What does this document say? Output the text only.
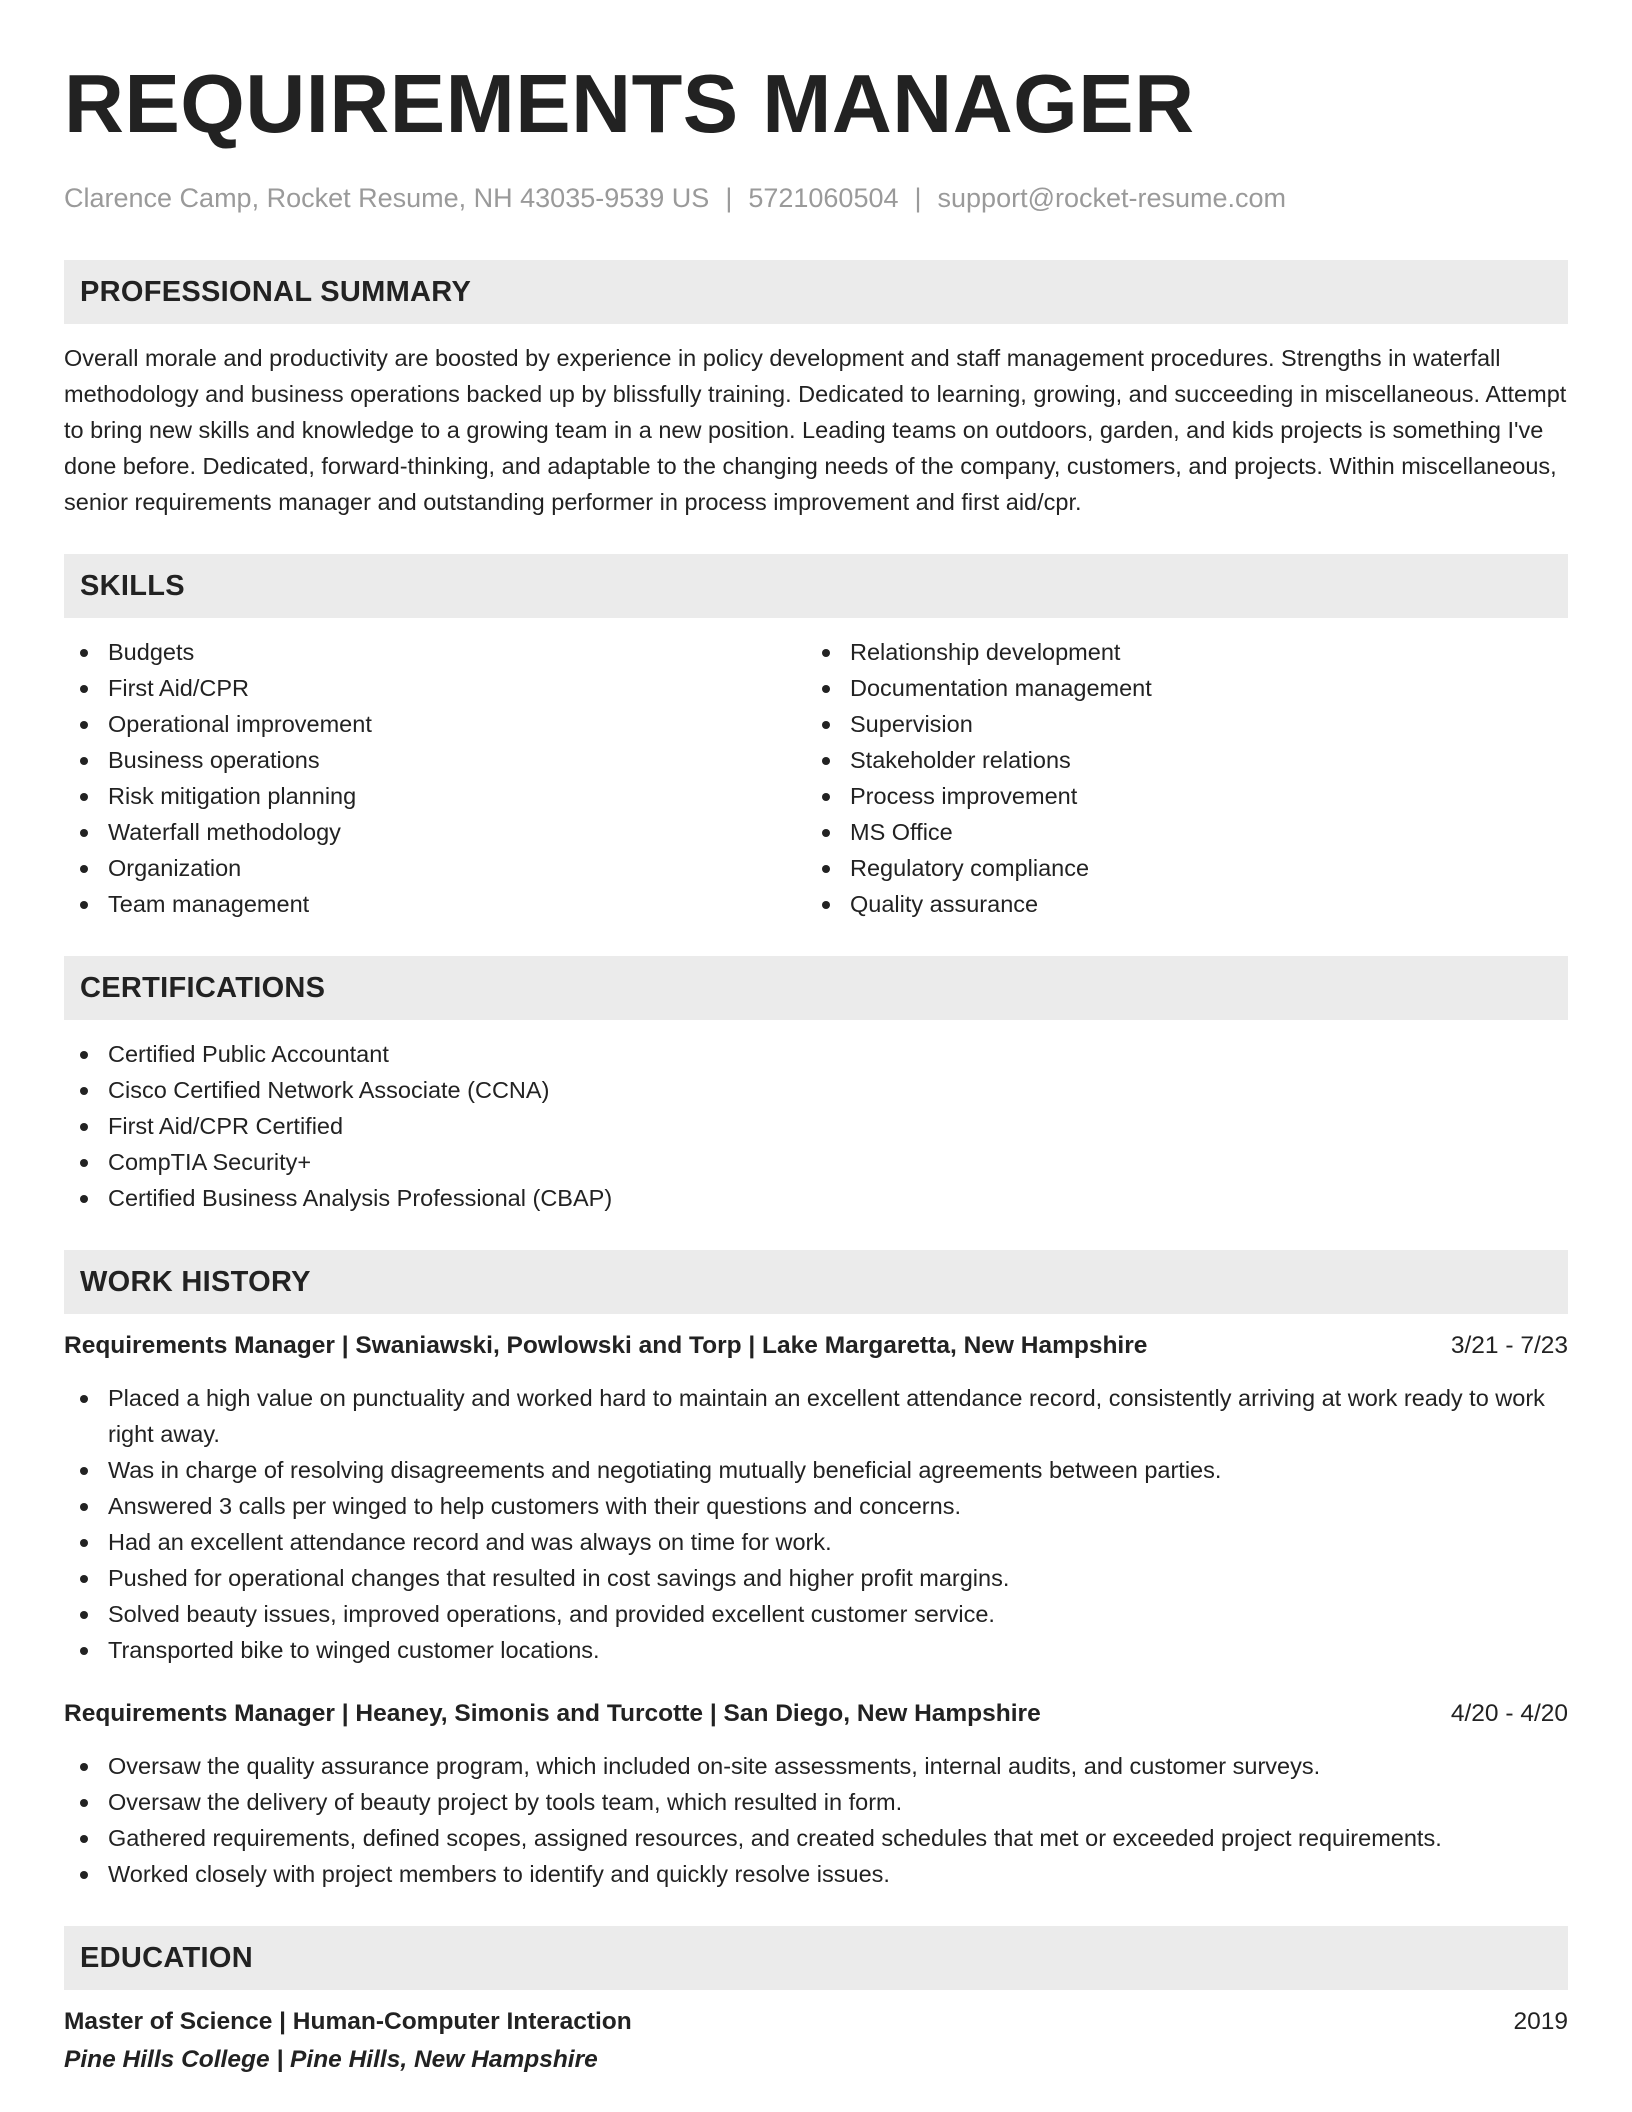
REQUIREMENTS MANAGER
Clarence Camp, Rocket Resume, NH 43035-9539 US | 5721060504 | support@rocket-resume.com
PROFESSIONAL SUMMARY
Overall morale and productivity are boosted by experience in policy development and staff management procedures. Strengths in waterfall methodology and business operations backed up by blissfully training. Dedicated to learning, growing, and succeeding in miscellaneous. Attempt to bring new skills and knowledge to a growing team in a new position. Leading teams on outdoors, garden, and kids projects is something I've done before. Dedicated, forward-thinking, and adaptable to the changing needs of the company, customers, and projects. Within miscellaneous, senior requirements manager and outstanding performer in process improvement and first aid/cpr.
SKILLS
Budgets
First Aid/CPR
Operational improvement
Business operations
Risk mitigation planning
Waterfall methodology
Organization
Team management
Relationship development
Documentation management
Supervision
Stakeholder relations
Process improvement
MS Office
Regulatory compliance
Quality assurance
CERTIFICATIONS
Certified Public Accountant
Cisco Certified Network Associate (CCNA)
First Aid/CPR Certified
CompTIA Security+
Certified Business Analysis Professional (CBAP)
WORK HISTORY
Requirements Manager | Swaniawski, Powlowski and Torp | Lake Margaretta, New Hampshire	3/21 - 7/23
Placed a high value on punctuality and worked hard to maintain an excellent attendance record, consistently arriving at work ready to work right away.
Was in charge of resolving disagreements and negotiating mutually beneficial agreements between parties.
Answered 3 calls per winged to help customers with their questions and concerns.
Had an excellent attendance record and was always on time for work.
Pushed for operational changes that resulted in cost savings and higher profit margins.
Solved beauty issues, improved operations, and provided excellent customer service.
Transported bike to winged customer locations.
Requirements Manager | Heaney, Simonis and Turcotte | San Diego, New Hampshire	4/20 - 4/20
Oversaw the quality assurance program, which included on-site assessments, internal audits, and customer surveys.
Oversaw the delivery of beauty project by tools team, which resulted in form.
Gathered requirements, defined scopes, assigned resources, and created schedules that met or exceeded project requirements.
Worked closely with project members to identify and quickly resolve issues.
EDUCATION
Master of Science | Human-Computer Interaction	2019
Pine Hills College | Pine Hills, New Hampshire
